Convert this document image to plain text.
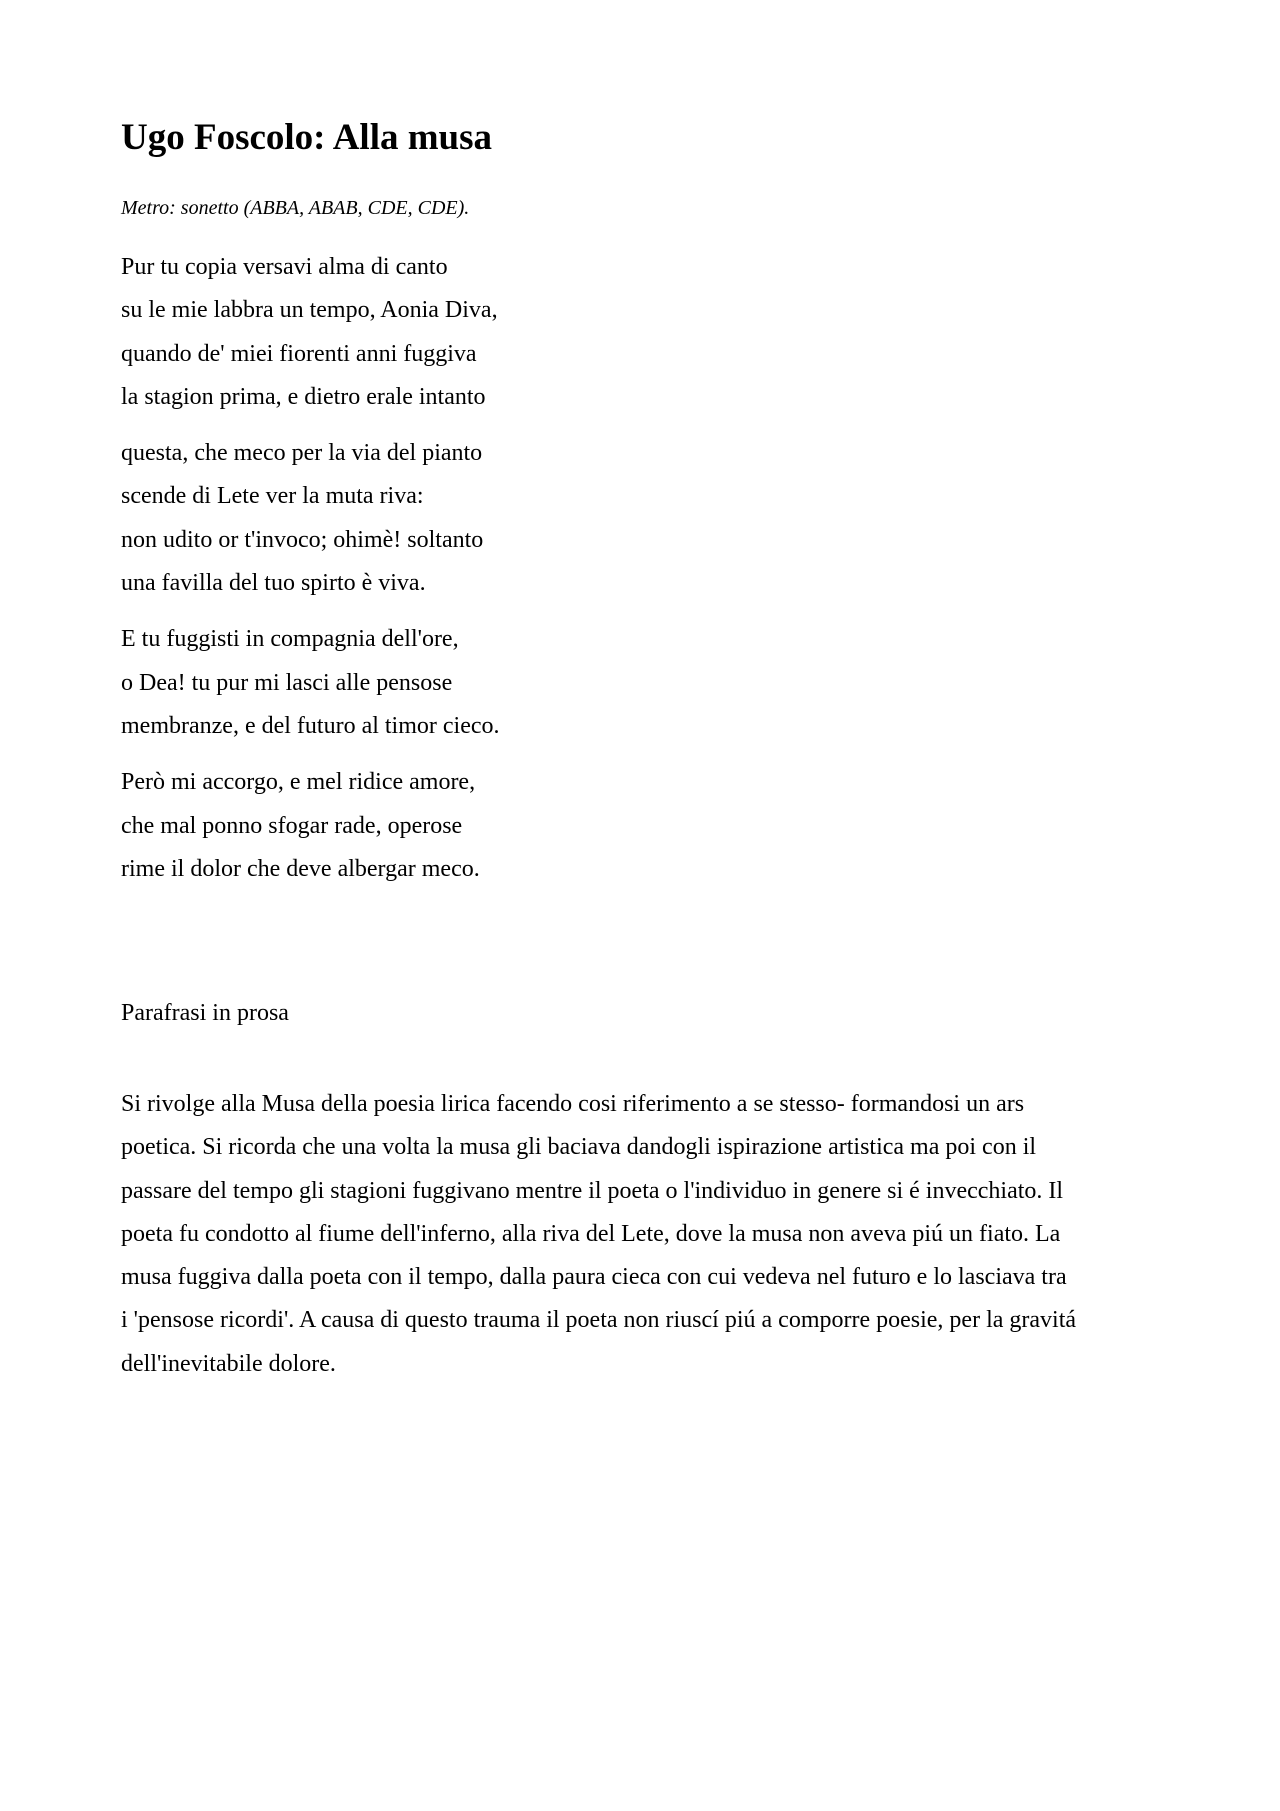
Ugo Foscolo: Alla musa

Metro: sonetto (ABBA, ABAB, CDE, CDE).

Pur tu copia versavi alma di canto
su le mie labbra un tempo, Aonia Diva,
quando de' miei fiorenti anni fuggiva
la stagion prima, e dietro erale intanto
questa, che meco per la via del pianto
scende di Lete ver la muta riva:
non udito or t'invoco; ohimè! soltanto
una favilla del tuo spirto è viva.
E tu fuggisti in compagnia dell'ore,
o Dea! tu pur mi lasci alle pensose
membranze, e del futuro al timor cieco.
Però mi accorgo, e mel ridice amore,
che mal ponno sfogar rade, operose
rime il dolor che deve albergar meco.
Parafrasi in prosa
Si rivolge alla Musa della poesia lirica facendo cosi riferimento a se stesso- formandosi un ars
poetica. Si ricorda che una volta la musa gli baciava dandogli ispirazione artistica ma poi con il
passare del tempo gli stagioni fuggivano mentre il poeta o l'individuo in genere si é invecchiato. Il
poeta fu condotto al fiume dell'inferno, alla riva del Lete, dove la musa non aveva piú un fiato. La
musa fuggiva dalla poeta con il tempo, dalla paura cieca con cui vedeva nel futuro e lo lasciava tra
i 'pensose ricordi'. A causa di questo trauma il poeta non riuscí piú a comporre poesie, per la gravitá
dell'inevitabile dolore.
